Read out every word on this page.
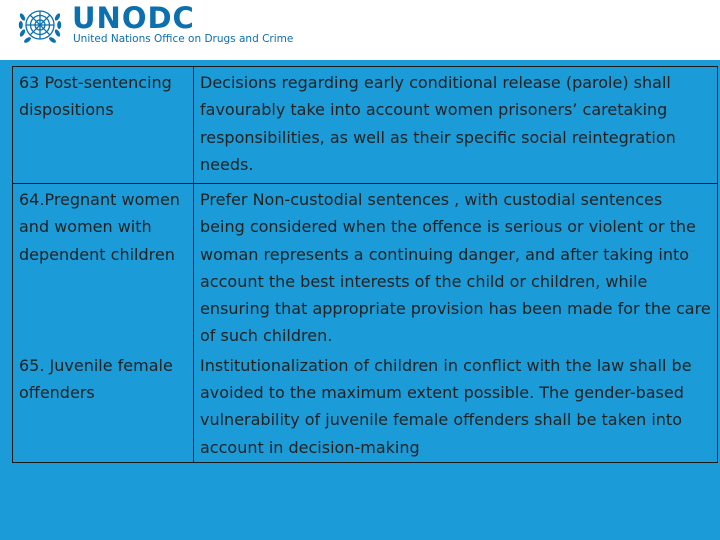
UNODC
United Nations Office on Drugs and Crime
63 Post-sentencing dispositions	Decisions regarding early conditional release (parole) shall favourably take into account women prisoners’ caretaking responsibilities, as well as their specific social reintegration needs.
64.Pregnant women and women with dependent children	Prefer Non-custodial sentences , with custodial sentences being considered when the offence is serious or violent or the woman represents a continuing danger, and after taking into account the best interests of the child or children, while ensuring that appropriate provision has been made for the care of such children.
65. Juvenile female offenders	Institutionalization of children in conflict with the law shall be avoided to the maximum extent possible. The gender-based vulnerability of juvenile female offenders shall be taken into account in decision-making
